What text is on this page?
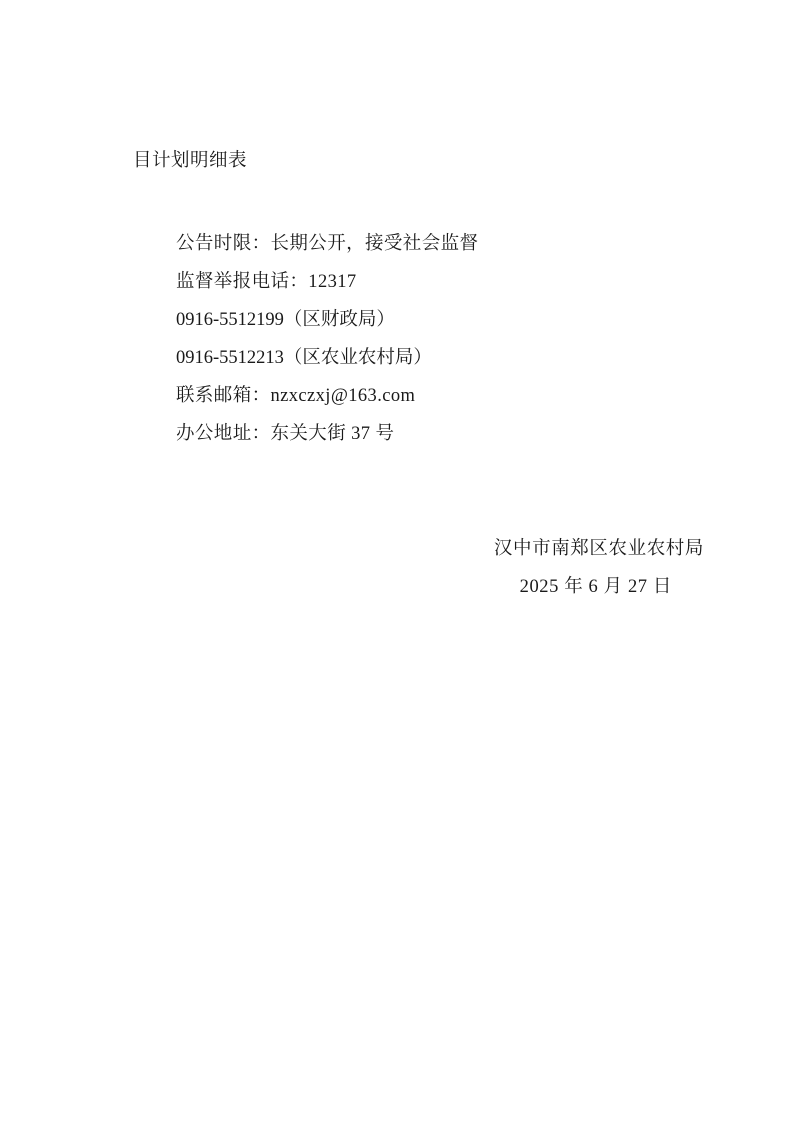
目计划明细表
公告时限：长期公开，接受社会监督
监督举报电话：12317
0916-5512199（区财政局）
0916-5512213（区农业农村局）
联系邮箱：nzxczxj@163.com
办公地址：东关大街 37 号
汉中市南郑区农业农村局
2025 年 6 月 27 日
